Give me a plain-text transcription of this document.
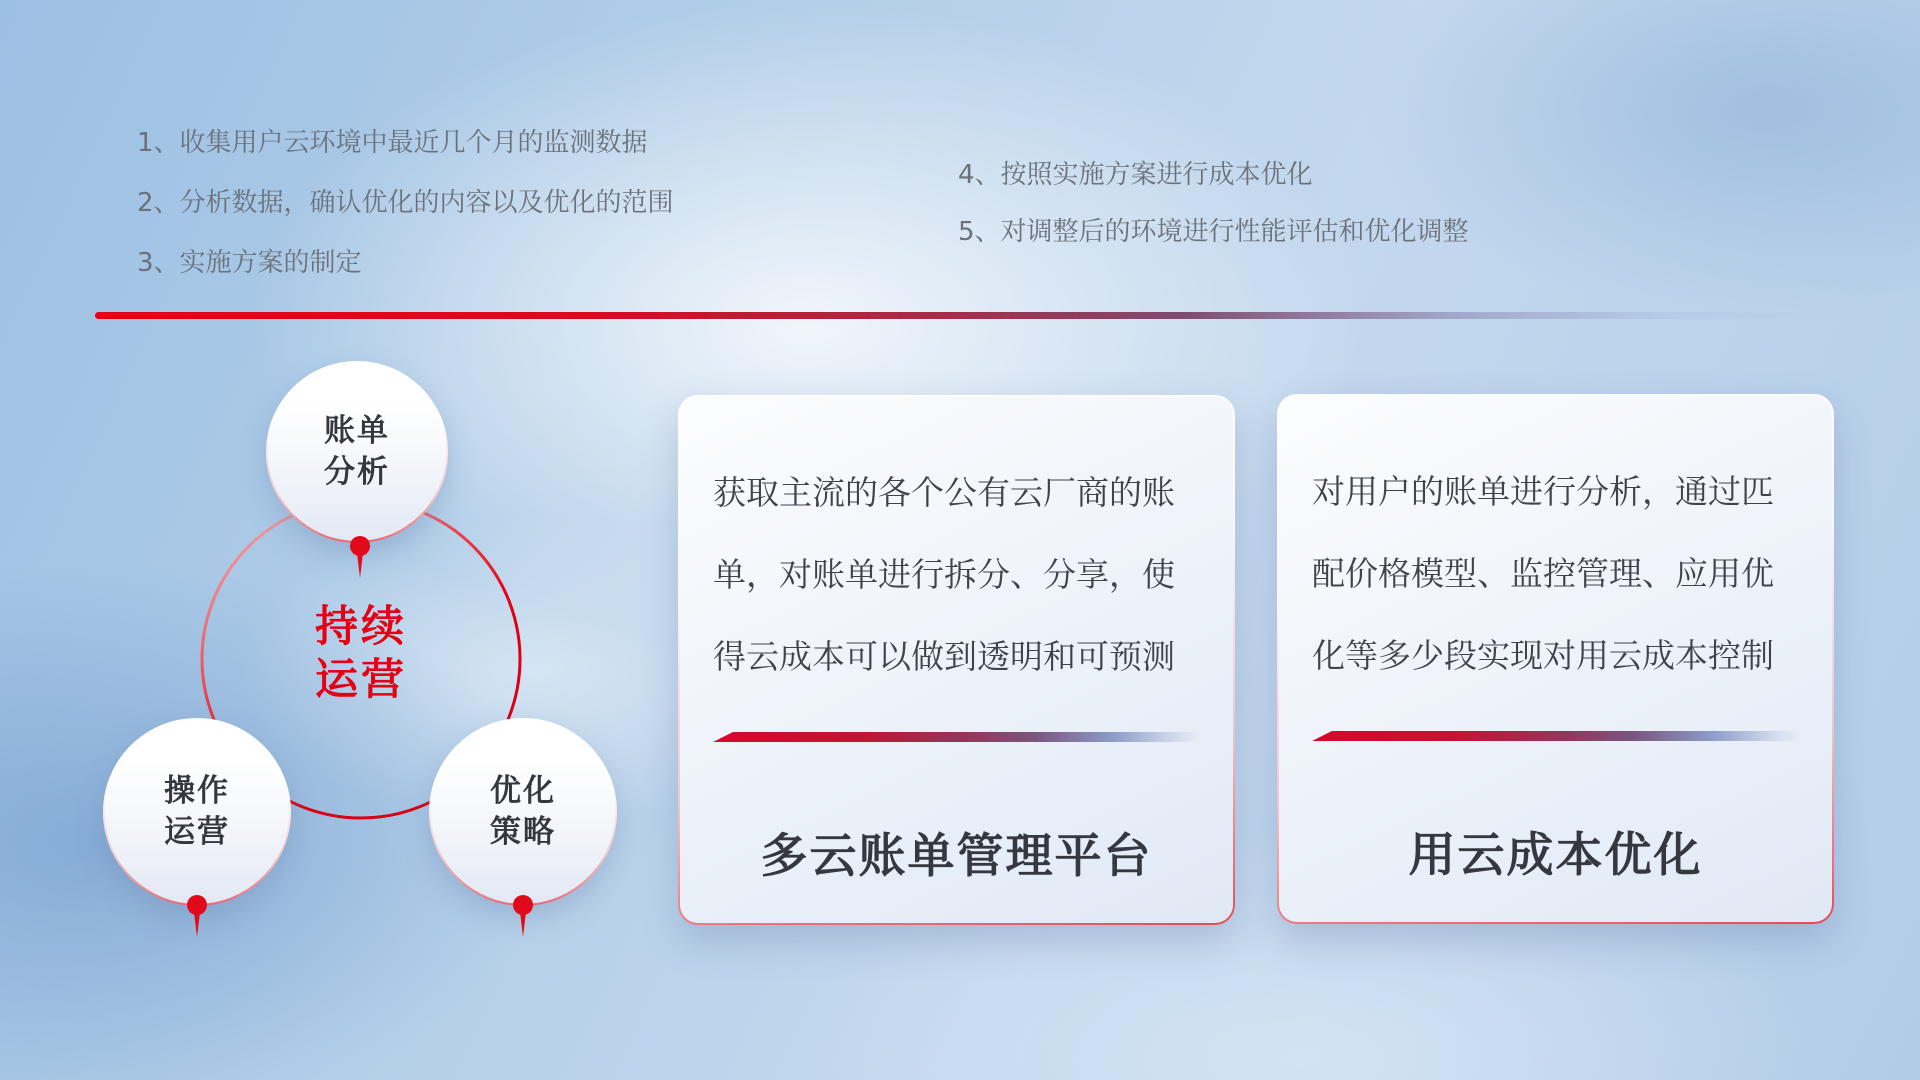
1、收集用户云环境中最近几个月的监测数据
2、分析数据，确认优化的内容以及优化的范围
3、实施方案的制定
4、按照实施方案进行成本优化
5、对调整后的环境进行性能评估和优化调整
账单
分析
操作
运营
优化
策略
持续
运营
获取主流的各个公有云厂商的账
单，对账单进行拆分、分享，使
得云成本可以做到透明和可预测
多云账单管理平台
对用户的账单进行分析，通过匹
配价格模型、监控管理、应用优
化等多少段实现对用云成本控制
用云成本优化
